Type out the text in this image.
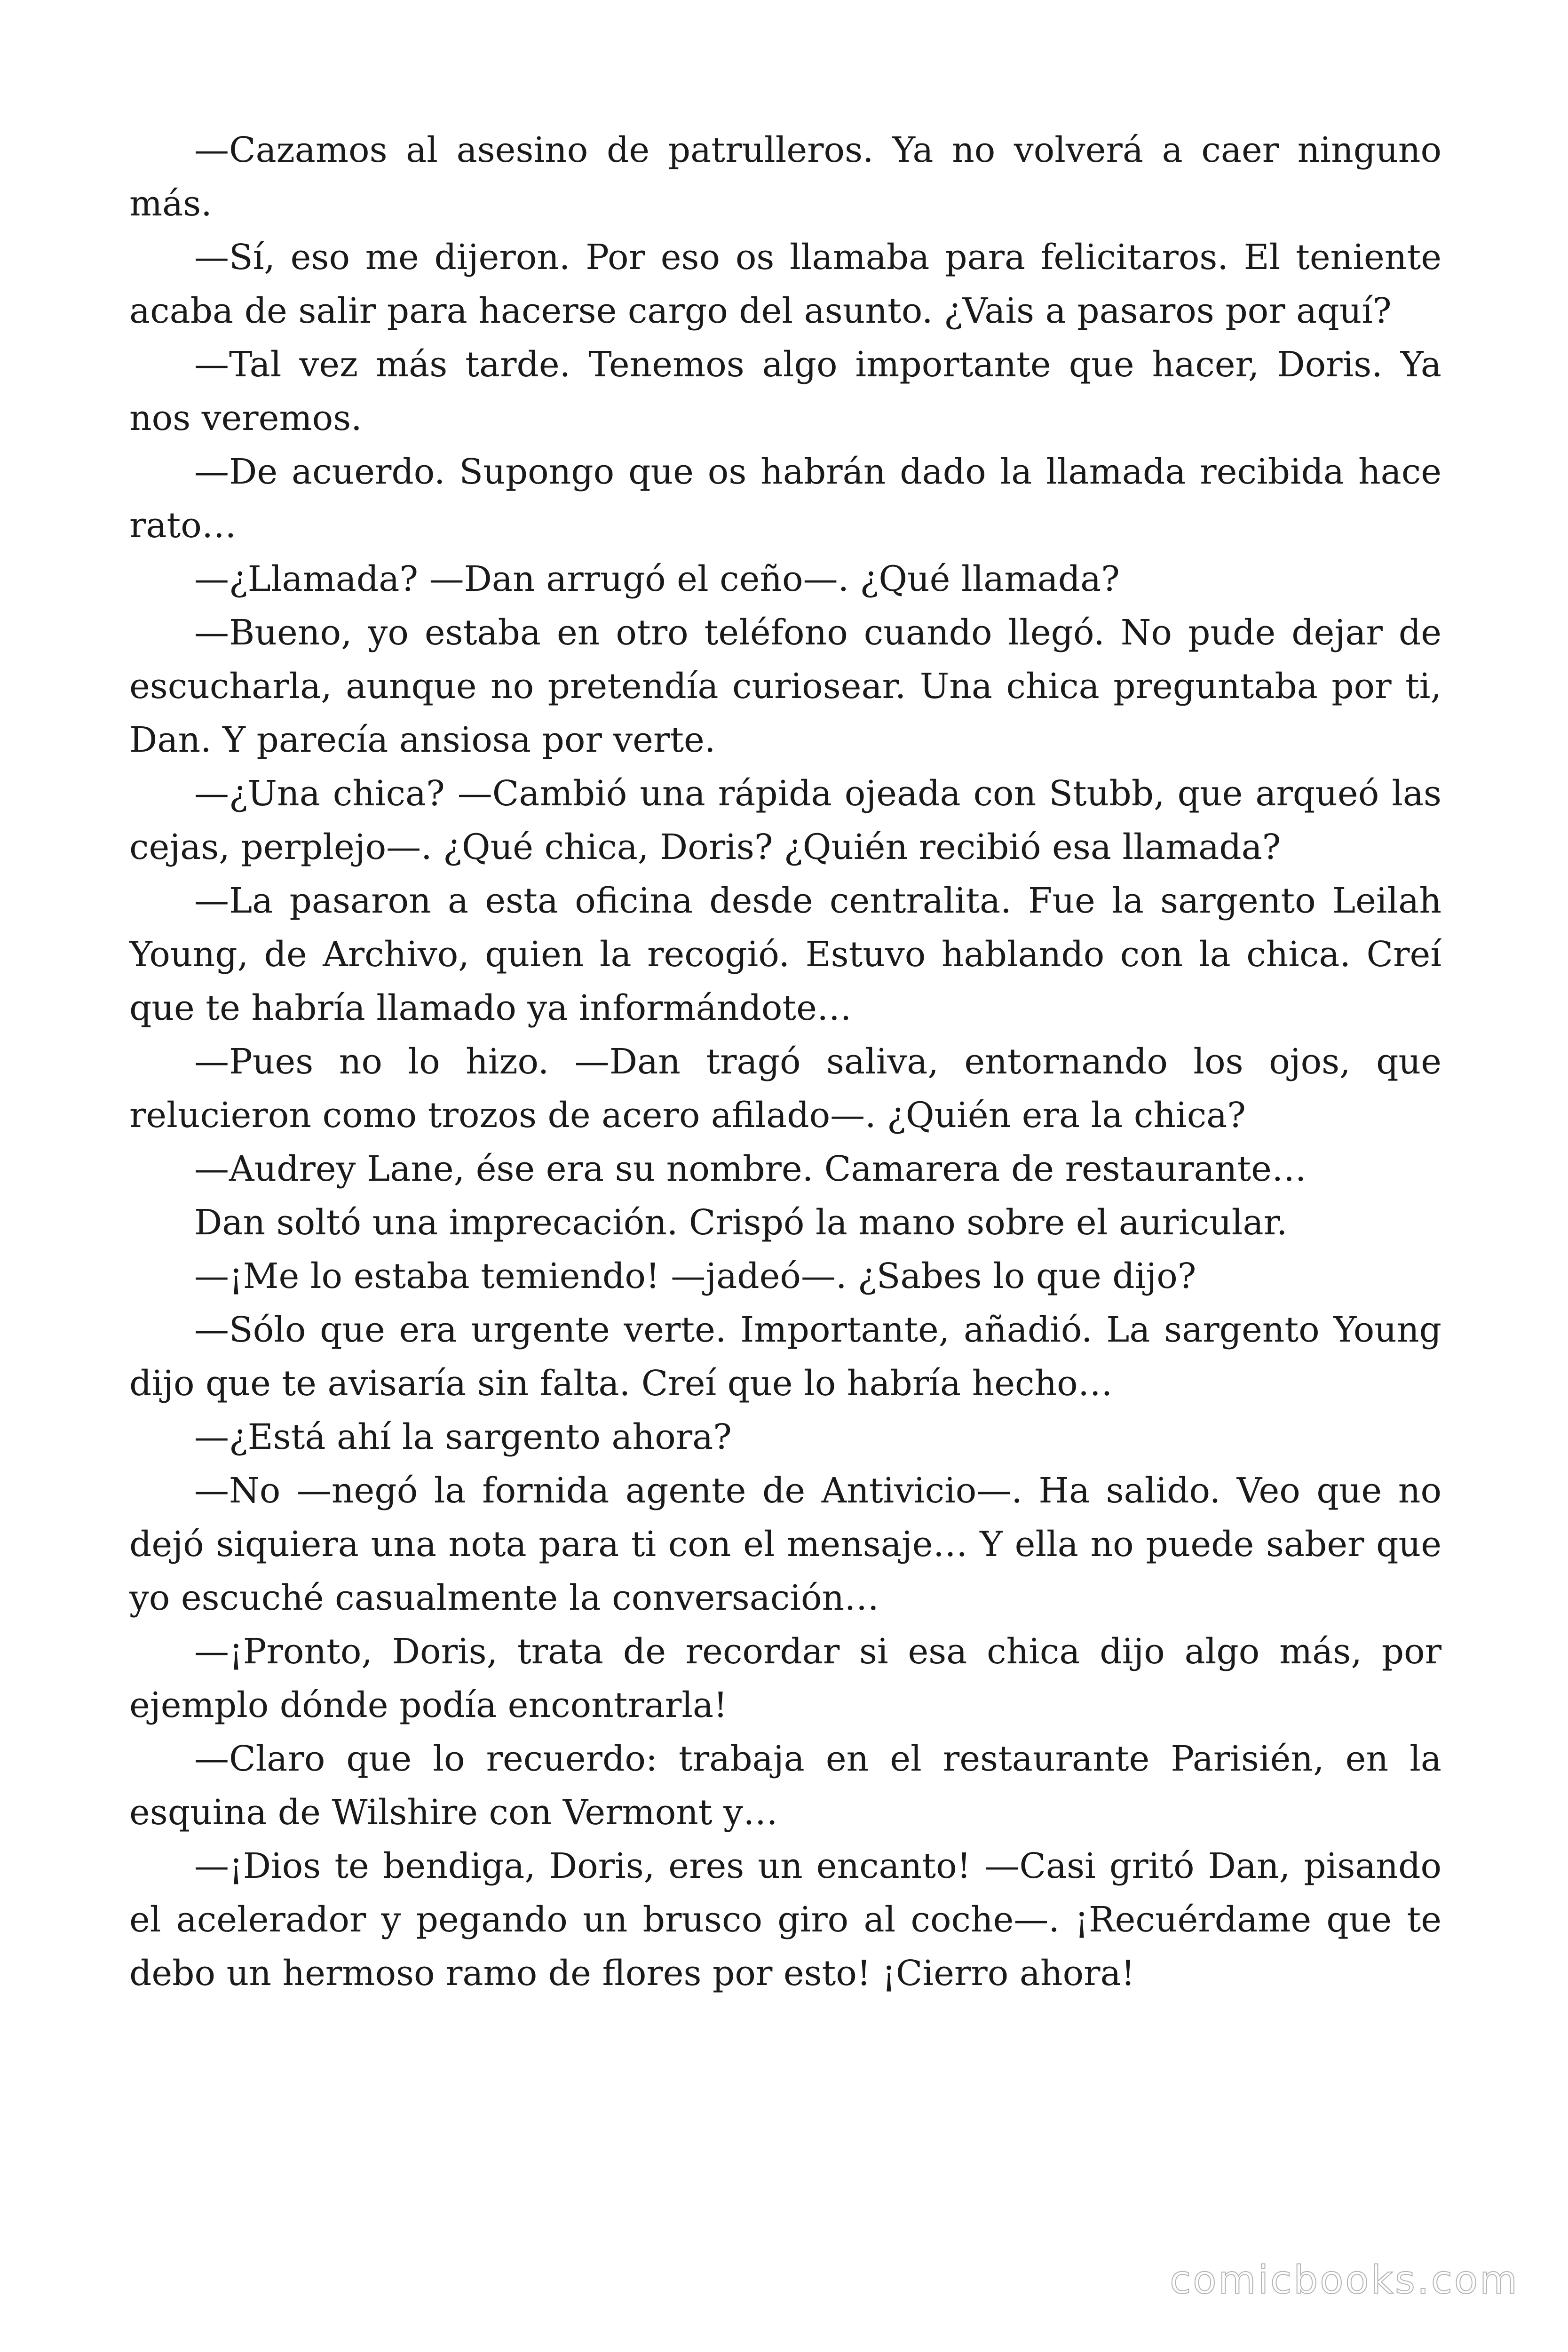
—Cazamos al asesino de patrulleros. Ya no volverá a caer ninguno más.

—Sí, eso me dijeron. Por eso os llamaba para felicitaros. El teniente acaba de salir para hacerse cargo del asunto. ¿Vais a pasaros por aquí?

—Tal vez más tarde. Tenemos algo importante que hacer, Doris. Ya nos veremos.

—De acuerdo. Supongo que os habrán dado la llamada recibida hace rato…

—¿Llamada? —Dan arrugó el ceño—. ¿Qué llamada?

—Bueno, yo estaba en otro teléfono cuando llegó. No pude dejar de escucharla, aunque no pretendía curiosear. Una chica preguntaba por ti, Dan. Y parecía ansiosa por verte.

—¿Una chica? —Cambió una rápida ojeada con Stubb, que arqueó las cejas, perplejo—. ¿Qué chica, Doris? ¿Quién recibió esa llamada?

—La pasaron a esta oficina desde centralita. Fue la sargento Leilah Young, de Archivo, quien la recogió. Estuvo hablando con la chica. Creí que te habría llamado ya informándote…

—Pues no lo hizo. —Dan tragó saliva, entornando los ojos, que relucieron como trozos de acero afilado—. ¿Quién era la chica?

—Audrey Lane, ése era su nombre. Camarera de restaurante…

Dan soltó una imprecación. Crispó la mano sobre el auricular.

—¡Me lo estaba temiendo! —jadeó—. ¿Sabes lo que dijo?

—Sólo que era urgente verte. Importante, añadió. La sargento Young dijo que te avisaría sin falta. Creí que lo habría hecho…

—¿Está ahí la sargento ahora?

—No —negó la fornida agente de Antivicio—. Ha salido. Veo que no dejó siquiera una nota para ti con el mensaje… Y ella no puede saber que yo escuché casualmente la conversación…

—¡Pronto, Doris, trata de recordar si esa chica dijo algo más, por ejemplo dónde podía encontrarla!

—Claro que lo recuerdo: trabaja en el restaurante Parisién, en la esquina de Wilshire con Vermont y…

—¡Dios te bendiga, Doris, eres un encanto! —Casi gritó Dan, pisando el acelerador y pegando un brusco giro al coche—. ¡Recuérdame que te debo un hermoso ramo de flores por esto! ¡Cierro ahora!

comicbooks.com
